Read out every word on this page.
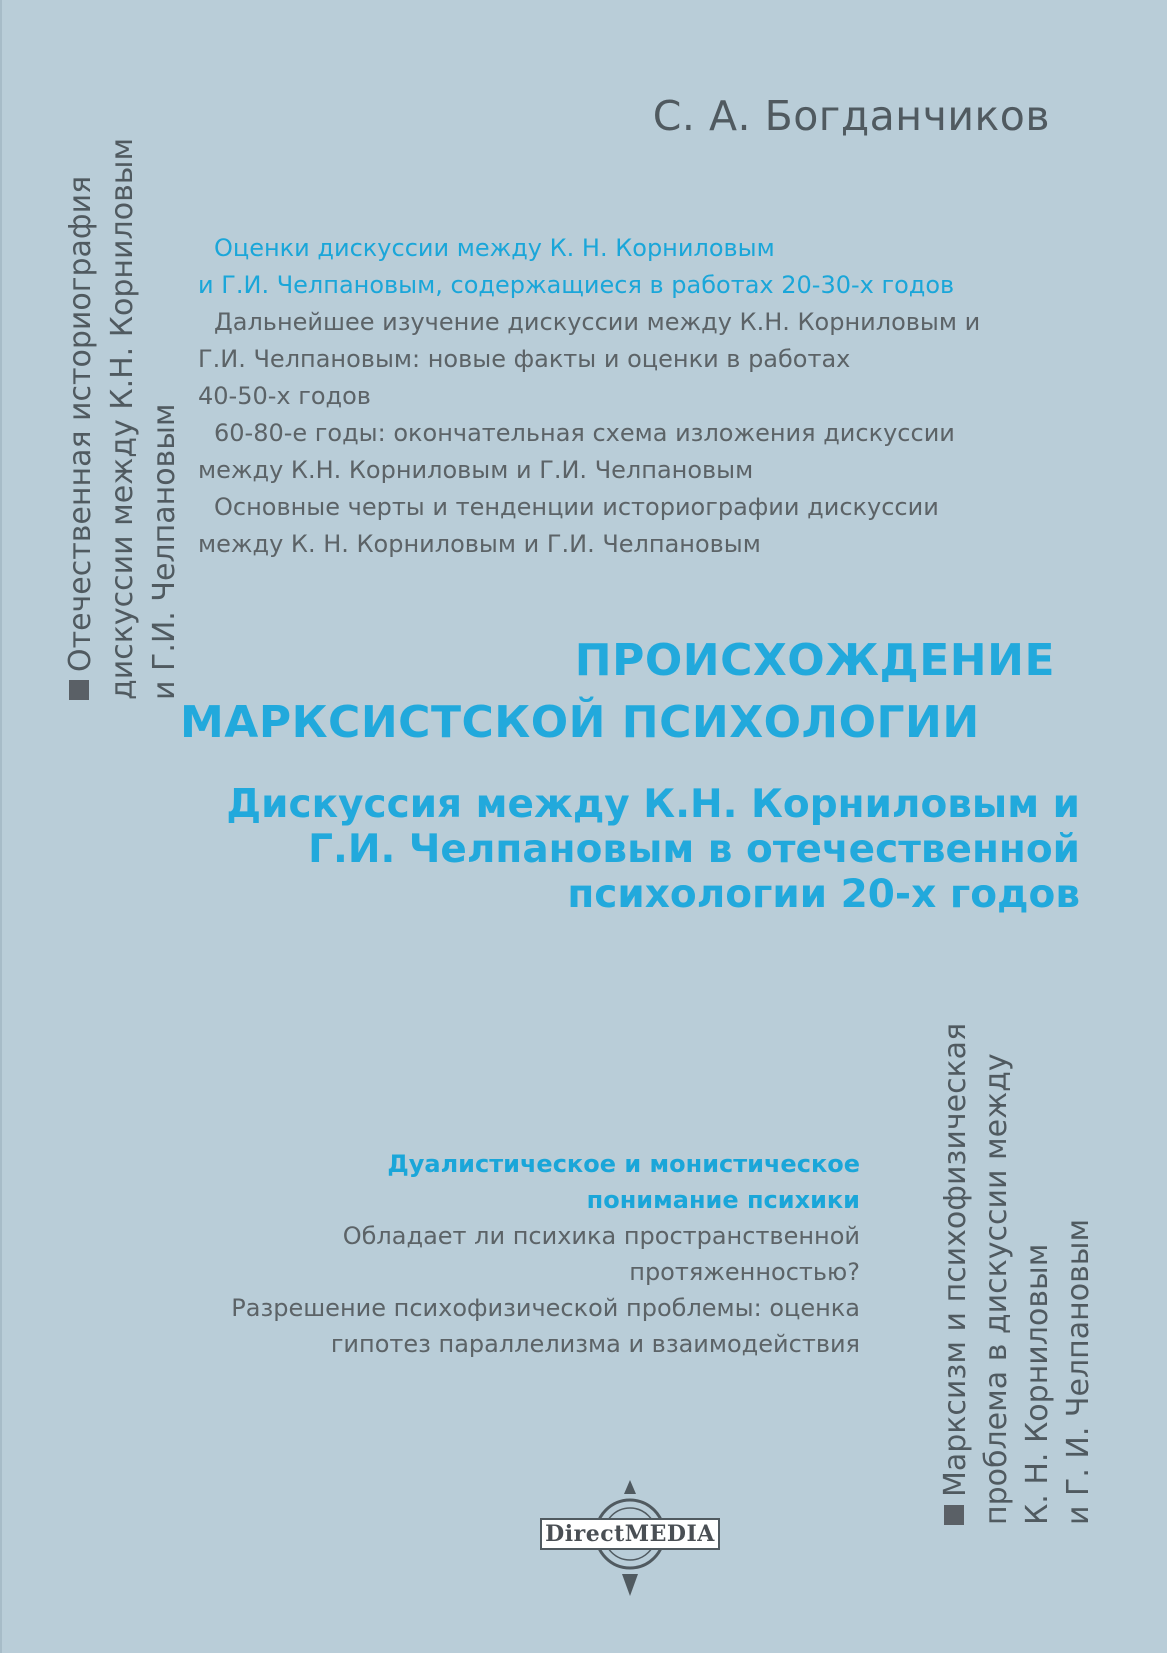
С. А. Богданчиков
Оценки дискуссии между К. Н. Корниловым
и Г.И. Челпановым, содержащиеся в работах 20-30-х годов
Дальнейшее изучение дискуссии между К.Н. Корниловым и
Г.И. Челпановым: новые факты и оценки в работах
40-50-х годов
60-80-е годы: окончательная схема изложения дискуссии
между К.Н. Корниловым и Г.И. Челпановым
Основные черты и тенденции историографии дискуссии
между К. Н. Корниловым и Г.И. Челпановым
ПРОИСХОЖДЕНИЕ
МАРКСИСТСКОЙ ПСИХОЛОГИИ
Дискуссия между К.Н. Корниловым и
Г.И. Челпановым в отечественной
психологии 20-х годов
Дуалистическое и монистическое
понимание психики
Обладает ли психика пространственной
протяженностью?
Разрешение психофизической проблемы: оценка
гипотез параллелизма и взаимодействия
Отечественная историография дискуссии между К.Н. Корниловым и Г.И. Челпановым
Марксизм и психофизическая проблема в дискуссии между К. Н. Корниловым и Г. И. Челпановым
DirectMEDIA
